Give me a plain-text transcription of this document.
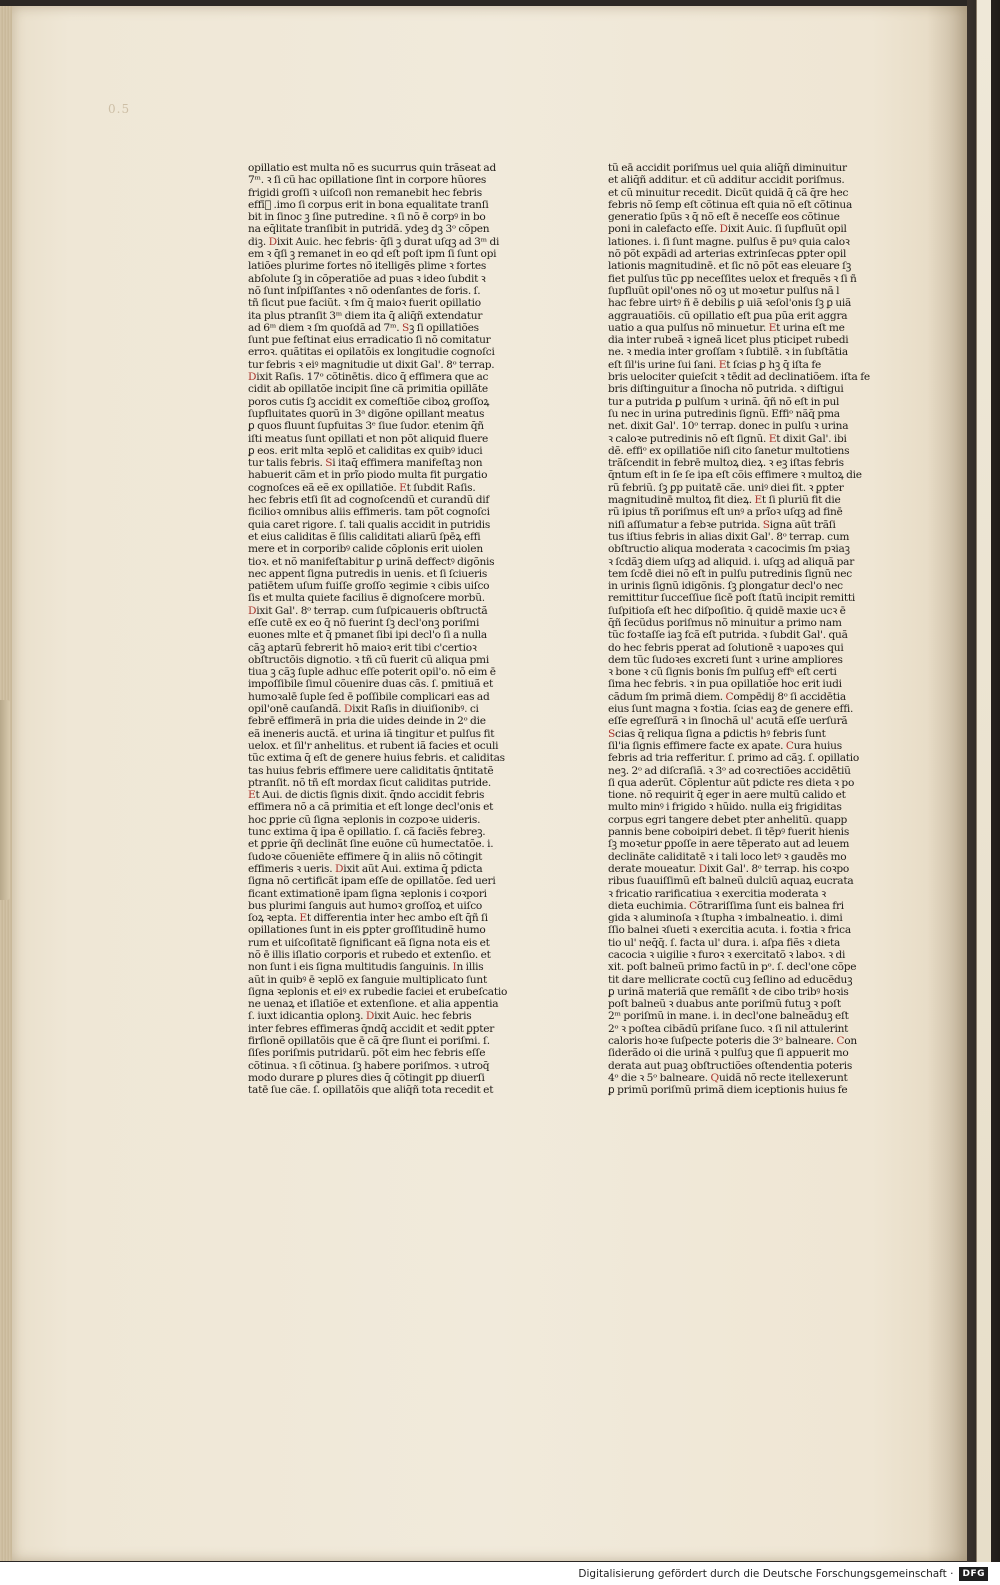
0.5
opillatio est multa nõ es sucurrus quin trãseat ad
7ᵐ. ꝛ ſi cũ hac opillatione ſint in corpore hũores
frigidi groſſi ꝛ uiſcoſi non remanebit hec febris
effī᷑ .imo ſi corpus erit in bona equalitate tranſi
bit in ſinoc ꝫ ſine putredine. ꝛ ſi nõ ē corpꝰ in bo
na eq̄litate tranſibit in putridã. ydeꝫ dꝫ 3ᵒ cõpen
diꝫ. Dixit Auic. hec febris· q̄ſi ꝫ durat uſqꝫ ad 3ᵐ di
em ꝛ q̄ſi ꝫ remanet in eo qḋ eſt poſt ipm ſi ſunt opi
latiões plurime fortes nõ itelligẽs plime ꝛ fortes
abſolute ſꝫ in cõperatiõe ad puas ꝛ ideo ſubdit ꝛ
nõ ſunt inſpiſſantes ꝛ nõ odenſantes de foris. ſ.
tñ ſicut pue faciũt. ꝛ ſm q̄ maioꝛ fuerit opillatio
ita plus ptranſit 3ᵐ diem ita q̄ aliq̄ñ extendatur
ad 6ᵐ diem ꝛ ſm quoſdã ad 7ᵐ. Sꝫ ſi opillatiões
ſunt pue feſtinat eius erradicatio ſi nõ comitatur
erroꝛ. quãtitas ei opilatõis ex longitudie cognoſci
tur febris ꝛ eiꝰ magnitudie ut dixit Gal'. 8ᵒ terrap.
Dixit Raſis. 17ᵒ cõtinētis. dico q̄ effimera que ac
cidit ab opillatõe incipit ſine cã primitia opillãte
poros cutis ſꝫ accidit ex comeſtiõe ciboꝝ groſſoꝝ
ſupfluitates quorũ in 3ᵃ digõne opillant meatus
ꝑ quos fluunt ſupfuitas 3ᵉ ſiue ſudor. etenim q̄ñ
iſti meatus ſunt opillati et non põt aliquid fluere
ꝑ eos. erit mlta ꝛeplõ et caliditas ex quibꝰ iduci
tur talis febris. Si itaq̄ effimera manifeſtaꝫ non
habuerit cãm et in prĩo piodo multa fit purgatio
cognoſces eã eẽ ex opillatiõe. Et ſubdit Raſis.
hec febris etſi ſit ad cognoſcendũ et curandũ dif
ficilioꝛ omnibus aliis effimeris. tam põt cognoſci
quia caret rigore. ſ. tali qualis accidit in putridis
et eius caliditas ẽ ſilis caliditati aliarũ ſpēꝝ effi
mere et in corporibꝰ calide cõplonis erit uiolen
tioꝛ. et nõ manifeſtabitur ꝑ urinã deffectꝰ digõnis
nec appent ſigna putredis in uenis. et ſi ſciueris
patiētem uſum fuiſſe groſſo ꝛegimie ꝛ cibis uiſco
ſis et multa quiete facilius ẽ dignoſcere morbũ.
Dixit Gal'. 8ᵒ terrap. cum ſuſpicaueris obſtructã
eſſe cutē ex eo q̄ nõ fuerint ſꝫ decl'onꝫ poriſmi
euones mlte et q̄ pmanet ſibi ipi decl'o ſi a nulla
cãꝫ aptarũ febrerit hõ maioꝛ erit tibi c'certioꝛ
obſtructõis dignotio. ꝛ tñ cũ fuerit cũ aliqua pmi
tiua ꝫ cãꝫ ſuple adhuc eſſe poterit opil'o. nõ eim ē
impoſſibile ſimul cõuenire duas cãs. ſ. pmitiuã et
humoꝛalē ſuple ſed ē poſſibile complicari eas ad
opil'onē cauſandã. Dixit Raſis in diuiſionibꝰ. ci
febrē effimerã in pria die uides deinde in 2ᵒ die
eã ineneris auctã. et urina iã tingitur et pulſus fit
uelox. et ſil'r anhelitus. et rubent iã facies et oculi
tũc extima q̄ eſt de genere huius febris. et caliditas
tas huius febris effimere uere caliditatis q̄ntitatẽ
ptranſit. nõ tñ eſt mordax ſicut caliditas putride.
Et Aui. de dictis ſignis dixit. q̄ndo accidit febris
effimera nõ a cã primitia et eſt longe decl'onis et
hoc ꝑprie cũ ſigna ꝛeplonis in cozpoꝛe uideris.
tunc extima q̄ ipa ē opillatio. ſ. cã faciẽs febreꝫ.
et ꝑprie q̄ñ declinãt ſine euõne cũ humectatõe. i.
ſudoꝛe cõueniẽte effimere q̄ in aliis nõ cõtingit
effimeris ꝛ ueris. Dixit aũt Aui. extima q̄ pdicta
ſigna nõ certificãt ipam eſſe de opillatõe. ſed ueri
ficant extimationẽ ipam ſigna ꝛeplonis i coꝛpori
bus plurimi ſanguis aut humoꝛ groſſoꝝ et uiſco
ſoꝝ ꝛepta. Et differentia inter hec ambo eſt q̄ñ ſi
opillationes ſunt in eis ꝑpter groſſitudinẽ humo
rum et uiſcoſitatē ſignificant eã ſigna nota eis et
nõ ē illis iſlatio corporis et rubedo et extenſio. et
non ſunt i eis ſigna multitudis ſanguinis. In illis
aũt in quibꝰ ē ꝛeplõ ex ſanguie multiplicato ſunt
ſigna ꝛeplonis et eiꝰ ex rubedie faciei et erubeſcatio
ne uenaꝝ et iſlatiõe et extenſione. et alia appentia
ſ. iuxt idicantia oplonꝫ. Dixit Auic. hec febris
inter febres effimeras q̄ndq̄ accidit et ꝛedit ꝑpter
firſionẽ opillatõis que ē cã q̄re ſiunt ei poriſmi. ſ.
ſiſes poriſmis putridarũ. põt eim hec febris eſſe
cõtinua. ꝛ ſi cõtinua. ſꝫ habere poriſmos. ꝛ utroq̄
modo durare ꝑ plures dies q̄ cõtingit ꝑp diuerſi
tatē ſue cãe. ſ. opillatõis que aliq̄ñ tota recedit et
tũ eā accidit poriſmus uel quia aliq̄ñ diminuitur
et aliq̄ñ additur. et cũ additur accidit poriſmus.
et cũ minuitur recedit. Dicũt quidã q̄ cã q̄re hec
febris nõ ſemp eſt cõtinua eſt quia nõ eſt cõtinua
generatio ſpũs ꝛ q̄ nõ eſt ē neceſſe eos cõtinue
poni in calefacto eſſe. Dixit Auic. ſi ſupfluũt opil
lationes. i. ſi ſunt magne. pulſus ē puꝰ quia caloꝛ
nõ põt expãdi ad arterias extrinſecas ꝑpter opil
lationis magnitudinē. et ſic nõ põt eas eleuare ſꝫ
fiet pulſus tũc ꝑp neceſſites uelox et frequẽs ꝛ ſi ñ
ſupfluũt opil'ones nõ oꝫ ut moꝛetur pulſus nã l
hac febre uirtꝰ ñ ē debilis ꝑ uiã ꝛeſol'onis ſꝫ ꝑ uiã
aggrauatiõis. cũ opillatio eſt ꝑua pũa erit aggra
uatio a qua pulſus nõ minuetur. Et urina eſt me
dia inter rubeã ꝛ igneã licet plus pticipet rubedi
ne. ꝛ media inter groſſam ꝛ ſubtilē. ꝛ in ſubſtãtia
eſt ſil'is urine ſui ſani. Et ſcias ꝑ hꝫ q̄ iſta fe
bris uelociter quieſcit ꝛ tēdit ad declinatiõem. iſta fe
bris diſtinguitur a ſinocha nõ putrida. ꝛ diſtigui
tur a putrida ꝑ pulſum ꝛ urinã. q̄ñ nõ eſt in pul
ſu nec in urina putredinis ſignũ. Effiᵒ nãq̄ pma
net. dixit Gal'. 10ᵒ terrap. donec in pulſu ꝛ urina
ꝛ caloꝛe putredinis nõ eſt ſignũ. Et dixit Gal'. ibi
dẽ. effiᵒ ex opillatiõe niſi cito ſanetur multotiens
trãſcendit in febrē multoꝝ dieꝝ. ꝛ eꝫ iſtas febris
q̄ntum eſt in ſe ſe ipa eſt cõis effimere ꝛ multoꝝ die
rũ febriũ. ſꝫ ꝑp puitatē cãe. uniꝰ diei fit. ꝛ ꝑpter
magnitudinē multoꝝ fit dieꝝ. Et ſi pluriũ fit die
rũ ipius tñ poriſmus eſt unꝰ a prĩoꝛ uſqꝫ ad finē
niſi aſſumatur a febꝛe putrida. Signa aũt trãſi
tus iſtius febris in alias dixit Gal'. 8ᵒ terrap. cum
obſtructio aliqua moderata ꝛ cacocimis ſm pꝛiaꝫ
ꝛ ſcdãꝫ diem uſqꝫ ad aliquid. i. uſqꝫ ad aliquã par
tem ſcdē diei nõ eſt in pulſu putredinis ſignũ nec
in urinis ſignũ idigõnis. ſꝫ ꝑlongatur decl'o nec
remittitur ſucceſſiue ſicē poſt ſtatũ incipit remitti
ſuſpitioſa eſt hec diſpoſitio. q̄ quidē maxie ucꝛ ē
q̄ñ ſecũdus poriſmus nõ minuitur a primo nam
tũc foꝛtaſſe iaꝫ fcã eſt putrida. ꝛ ſubdit Gal'. quã
do hec febris pperat ad ſolutionē ꝛ uapoꝛes qui
dem tũc ſudoꝛes excreti ſunt ꝛ urine ampliores
ꝛ bone ꝛ cũ ſignis bonis ſm pulſuꝫ effᵃ eſt certi
ſima hec febris. ꝛ in pua opillatiõe hoc erit iudi
cãdum ſm primã diem. Compēdij 8ᵒ ſi accidētia
eius ſunt magna ꝛ foꝛtia. ſcias eaꝫ de genere effi.
eſſe egreſſurã ꝛ in ſinochã ul' acutã eſſe uerſurã
Scias q̄ reliqua ſigna a ꝑdictis hꝰ febris ſunt
ſil'ia ſignis effimere facte ex apate. Cura huius
febris ad tria refferitur. ſ. primo ad cãꝫ. ſ. opillatio
neꝫ. 2ᵒ ad diſcraſiã. ꝛ 3ᵒ ad coꝛrectiões accidētiũ
ſi qua aderũt. Cõplentur aũt pdicte res dieta ꝛ po
tione. nõ requirit q̄ eger in aere multũ calido et
multo minꝰ i frigido ꝛ hũido. nulla eiꝫ frigiditas
corpus egri tangere debet pter anhelitũ. quapp
pannis bene coboipiri debet. ſi tēpꝰ fuerit hienis
ſꝫ moꝛetur ꝑpoſſe in aere tēperato aut ad leuem
declinãte caliditatē ꝛ i tali loco letꝰ ꝛ gaudēs mo
derate moueatur. Dixit Gal'. 8ᵒ terrap. his coꝛpo
ribus ſuauiſſimũ eſt balneũ dulciũ aquaꝝ eucrata
ꝛ fricatio rarificatiua ꝛ exercitia moderata ꝛ
dieta euchimia. Cõtrariſſima ſunt eis balnea fri
gida ꝛ aluminoſa ꝛ ſtupha ꝛ imbalneatio. i. dimi
ſſio balnei ꝛſueti ꝛ exercitia acuta. i. foꝛtia ꝛ frica
tio ul' neq̄q̄. ſ. facta ul' dura. i. aſpa fiẽs ꝛ dieta
cacocia ꝛ uigilie ꝛ furoꝛ ꝛ exercitatõ ꝛ laboꝛ. ꝛ di
xit. poſt balneũ primo factũ in pᵒ. ſ. decl'one cõpe
tit dare mellicrate coctũ cuꝫ ſeſlino ad educẽduꝫ
ꝑ urinã materiã que remãſit ꝛ de cibo tribꝰ hoꝛis
poſt balneũ ꝛ duabus ante poriſmũ futuꝫ ꝛ poſt
2ᵐ poriſmũ in mane. i. in decl'one balneãduꝫ eſt
2ᵒ ꝛ poſtea cibãdũ priſane ſuco. ꝛ ſi nil attulerint
caloris hoꝛe ſuſpecte poteris die 3ᵒ balneare. Con
ſiderãdo oi die urinã ꝛ pulſuꝫ que ſi appuerit mo
derata aut puaꝫ obſtructiões oſtendentia poteris
4ᵒ die ꝛ 5ᵒ balneare. Quidã nõ recte itellexerunt
ꝑ primũ poriſmũ primã diem iceptionis huius fe
Digitalisierung gefördert durch die Deutsche Forschungsgemeinschaft ·	DFG
